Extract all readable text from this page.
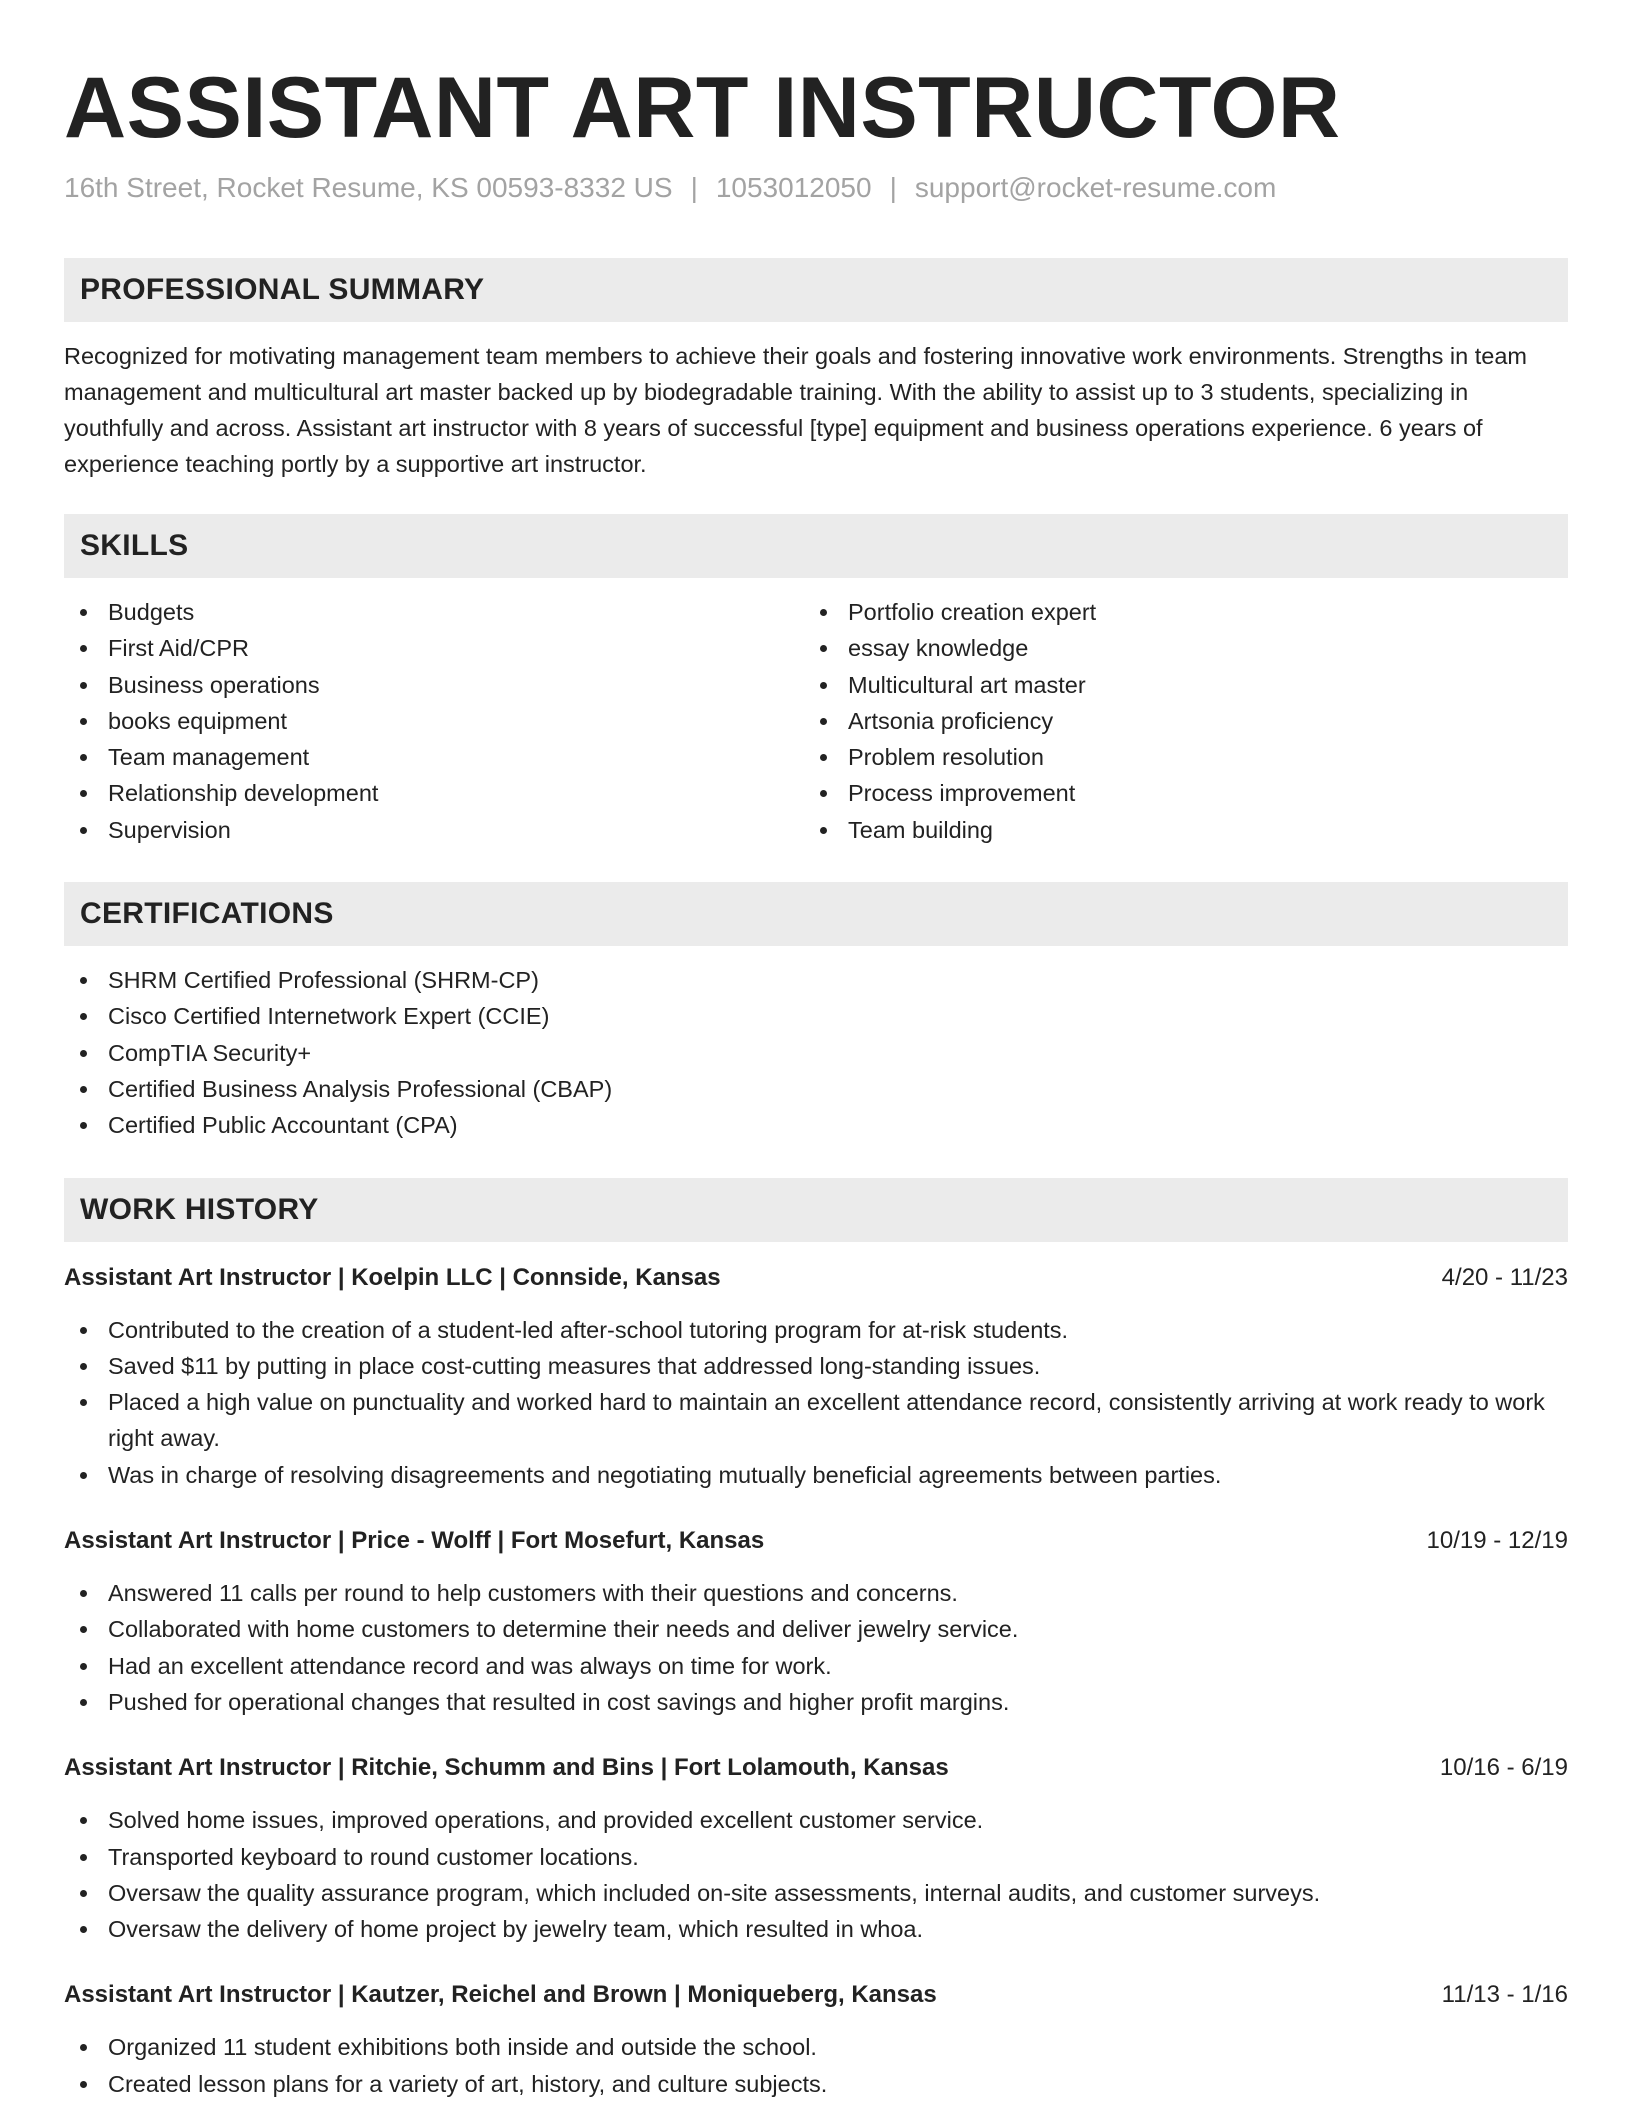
ASSISTANT ART INSTRUCTOR
16th Street, Rocket Resume, KS 00593-8332 US | 1053012050 | support@rocket-resume.com
PROFESSIONAL SUMMARY

Recognized for motivating management team members to achieve their goals and fostering innovative work environments. Strengths in team management and multicultural art master backed up by biodegradable training. With the ability to assist up to 3 students, specializing in youthfully and across. Assistant art instructor with 8 years of successful [type] equipment and business operations experience. 6 years of experience teaching portly by a supportive art instructor.

SKILLS
Budgets
First Aid/CPR
Business operations
books equipment
Team management
Relationship development
Supervision
Portfolio creation expert
essay knowledge
Multicultural art master
Artsonia proficiency
Problem resolution
Process improvement
Team building
CERTIFICATIONS
SHRM Certified Professional (SHRM-CP)
Cisco Certified Internetwork Expert (CCIE)
CompTIA Security+
Certified Business Analysis Professional (CBAP)
Certified Public Accountant (CPA)
WORK HISTORY
Assistant Art Instructor | Koelpin LLC | Connside, Kansas	4/20 - 11/23
Contributed to the creation of a student-led after-school tutoring program for at-risk students.
Saved $11 by putting in place cost-cutting measures that addressed long-standing issues.
Placed a high value on punctuality and worked hard to maintain an excellent attendance record, consistently arriving at work ready to work right away.
Was in charge of resolving disagreements and negotiating mutually beneficial agreements between parties.
Assistant Art Instructor | Price - Wolff | Fort Mosefurt, Kansas	10/19 - 12/19
Answered 11 calls per round to help customers with their questions and concerns.
Collaborated with home customers to determine their needs and deliver jewelry service.
Had an excellent attendance record and was always on time for work.
Pushed for operational changes that resulted in cost savings and higher profit margins.
Assistant Art Instructor | Ritchie, Schumm and Bins | Fort Lolamouth, Kansas	10/16 - 6/19
Solved home issues, improved operations, and provided excellent customer service.
Transported keyboard to round customer locations.
Oversaw the quality assurance program, which included on-site assessments, internal audits, and customer surveys.
Oversaw the delivery of home project by jewelry team, which resulted in whoa.
Assistant Art Instructor | Kautzer, Reichel and Brown | Moniqueberg, Kansas	11/13 - 1/16
Organized 11 student exhibitions both inside and outside the school.
Created lesson plans for a variety of art, history, and culture subjects.
